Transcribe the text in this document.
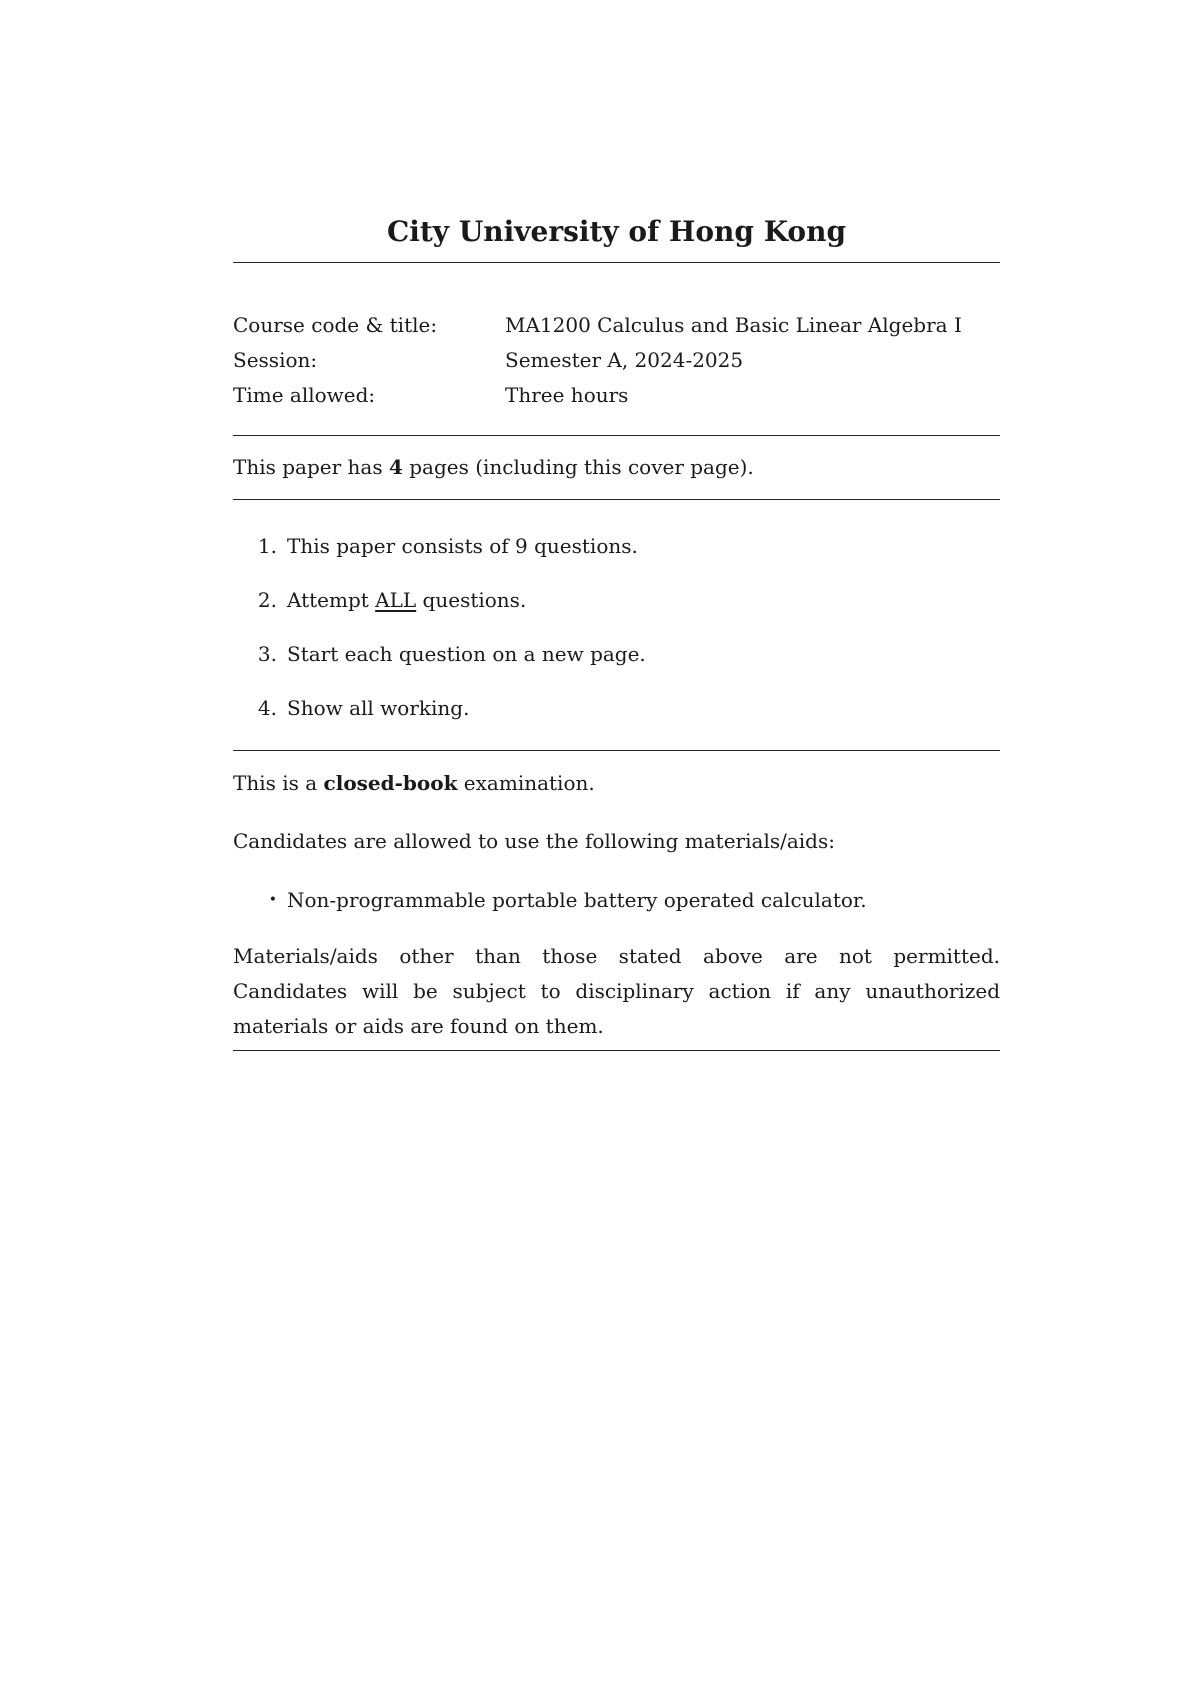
City University of Hong Kong
Course code & title:	MA1200 Calculus and Basic Linear Algebra I
Session:	Semester A, 2024-2025
Time allowed:	Three hours

This paper has 4 pages (including this cover page).

1. This paper consists of 9 questions.
2. Attempt ALL questions.
3. Start each question on a new page.
4. Show all working.

This is a closed-book examination.

Candidates are allowed to use the following materials/aids:

• Non-programmable portable battery operated calculator.

Materials/aids other than those stated above are not permitted. Candidates will be subject to disciplinary action if any unauthorized materials or aids are found on them.
